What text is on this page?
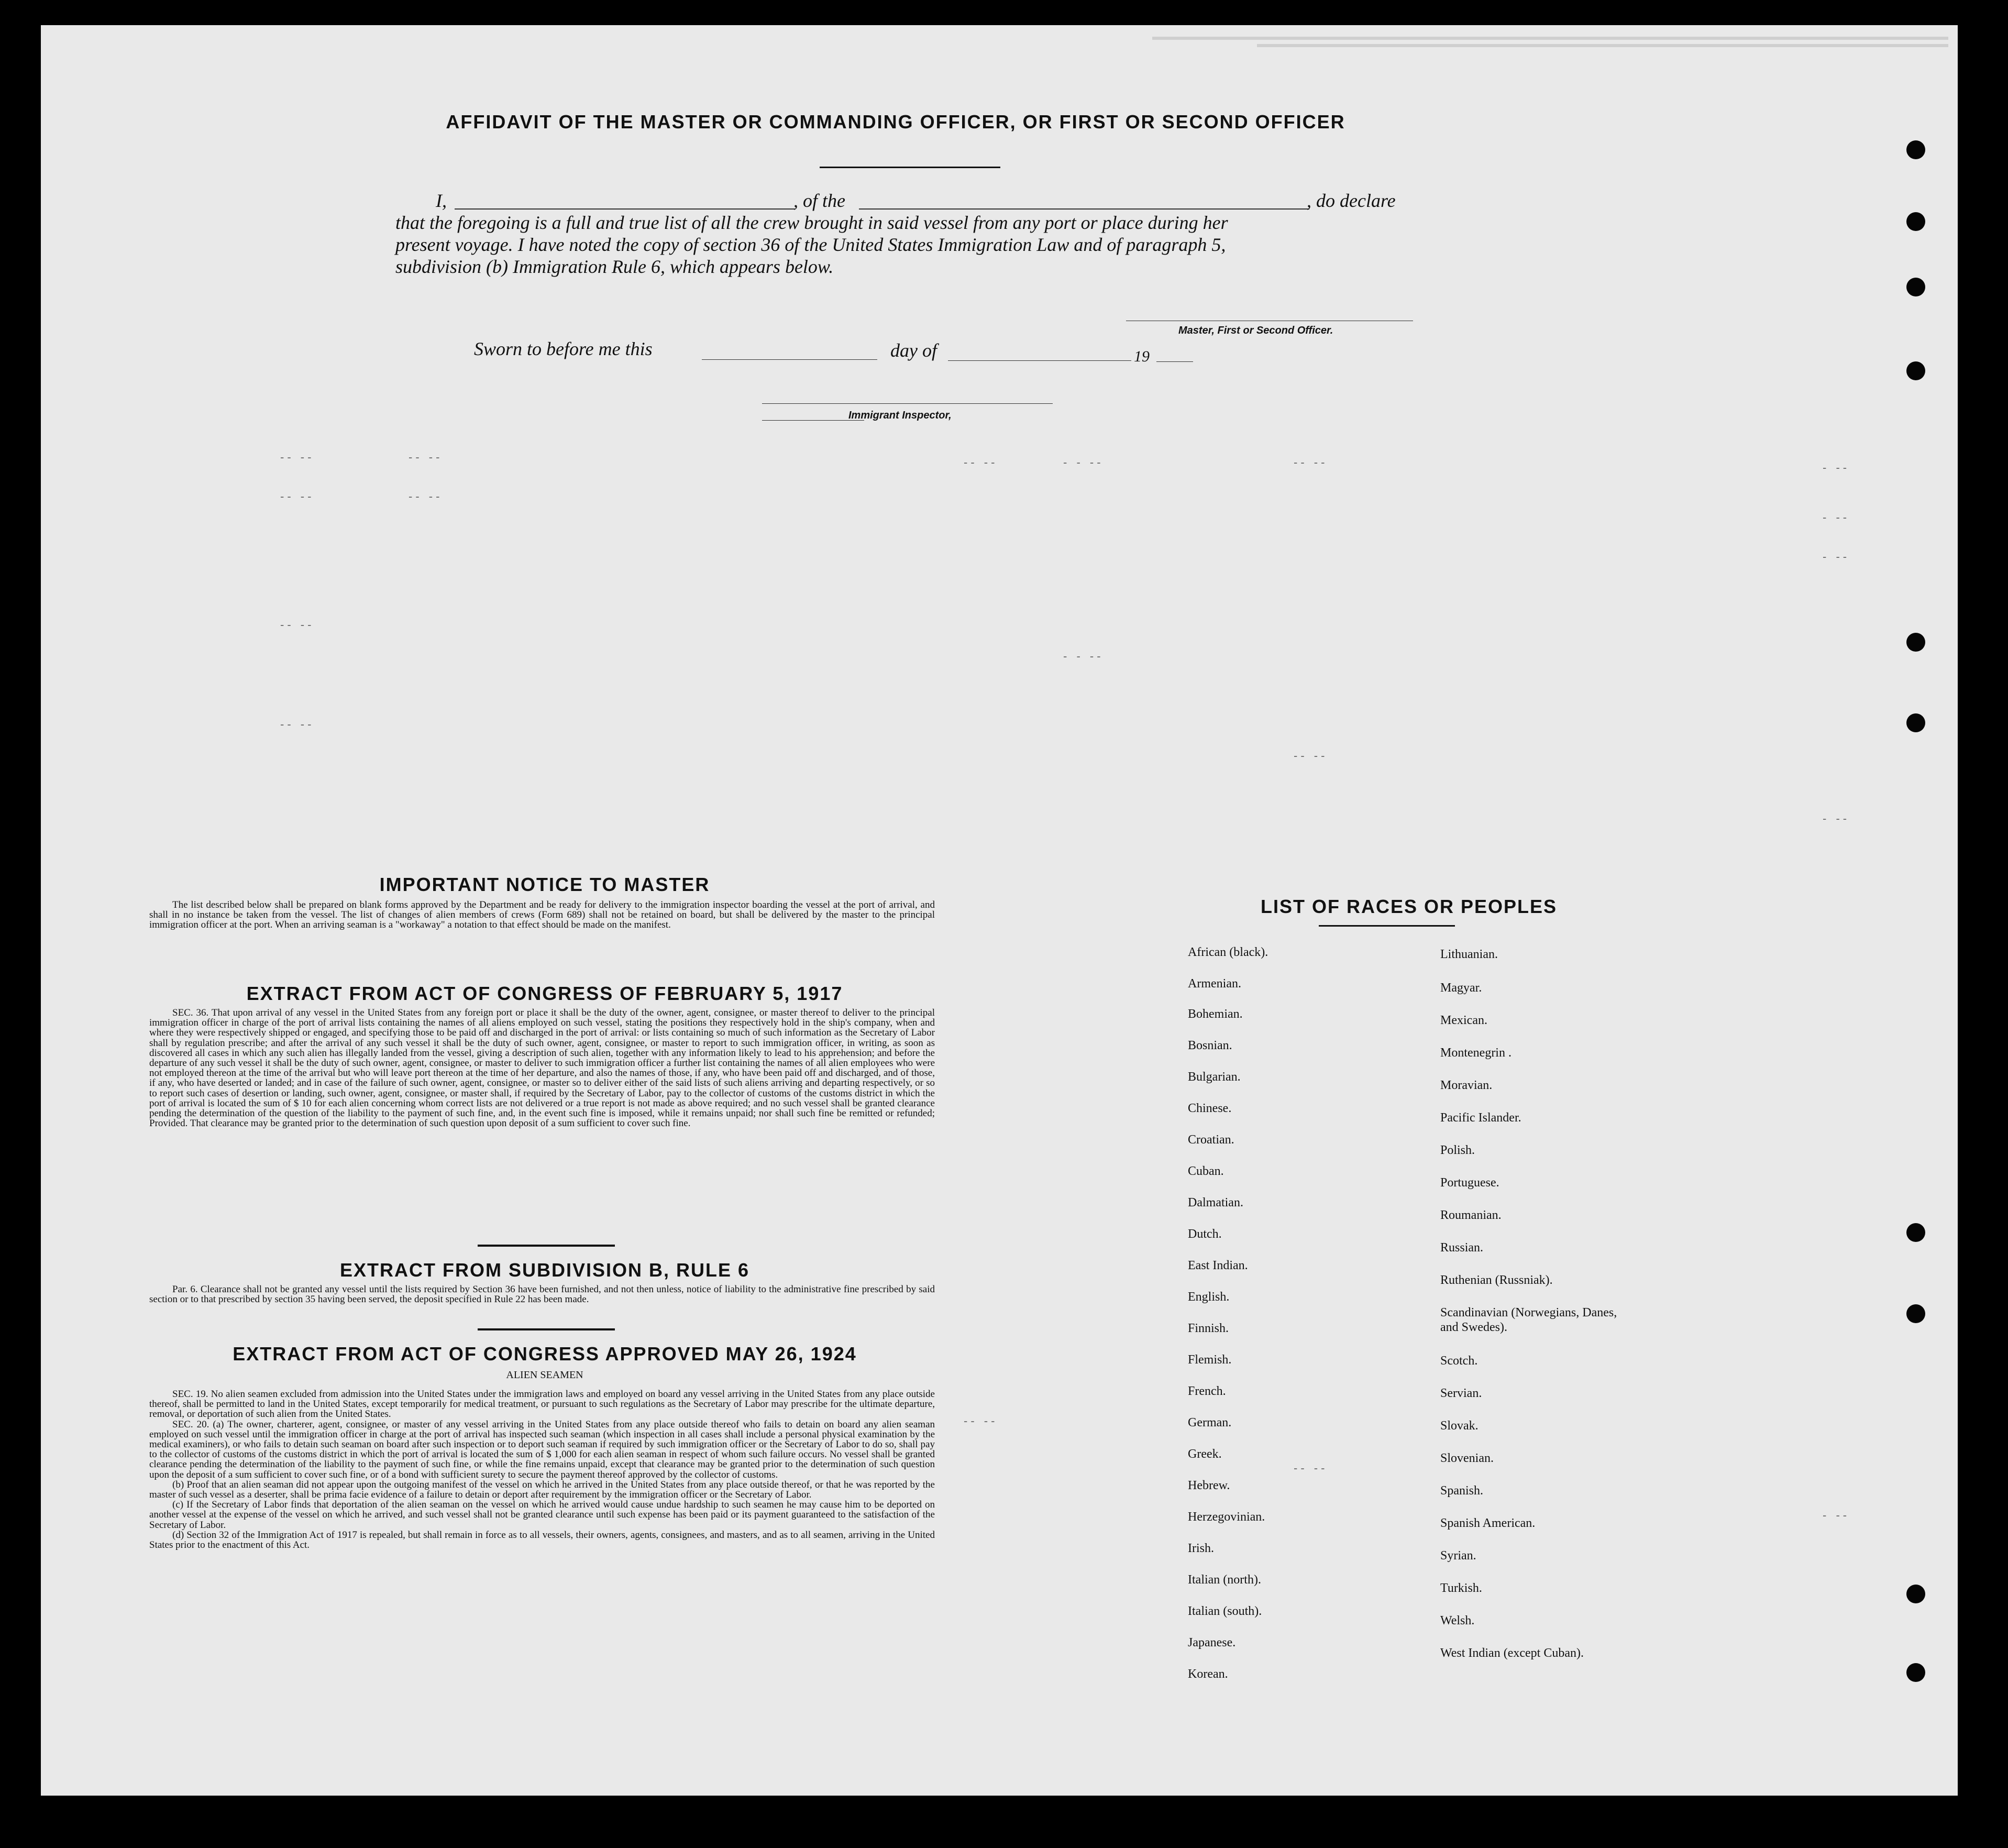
AFFIDAVIT OF THE MASTER OR COMMANDING OFFICER, OR FIRST OR SECOND OFFICER
I,	, of the	, do declare
that the foregoing is a full and true list of all the crew brought in said vessel from any port or place during her
present voyage. I have noted the copy of section 36 of the United States Immigration Law and of paragraph 5,
subdivision (b) Immigration Rule 6, which appears below.
Master, First or Second Officer.
Sworn to before me this	day of	19
Immigrant Inspector,
-- --	-- --	-- --	- - --	-- --	- --
-- --	-- --
- --
- --
-- --
- - --
-- --
-- --
- --
-- --
-- --
- --
IMPORTANT NOTICE TO MASTER

The list described below shall be prepared on blank forms approved by the Department and be ready for delivery to the immigration inspector boarding the vessel at the port of arrival, and shall in no instance be taken from the vessel. The list of changes of alien members of crews (Form 689) shall not be retained on board, but shall be delivered by the master to the principal immigration officer at the port. When an arriving seaman is a "workaway" a notation to that effect should be made on the manifest.

EXTRACT FROM ACT OF CONGRESS OF FEBRUARY 5, 1917

SEC. 36. That upon arrival of any vessel in the United States from any foreign port or place it shall be the duty of the owner, agent, consignee, or master thereof to deliver to the principal immigration officer in charge of the port of arrival lists containing the names of all aliens employed on such vessel, stating the positions they respectively hold in the ship's company, when and where they were respectively shipped or engaged, and specifying those to be paid off and discharged in the port of arrival: or lists containing so much of such information as the Secretary of Labor shall by regulation prescribe; and after the arrival of any such vessel it shall be the duty of such owner, agent, consignee, or master to report to such immigration officer, in writing, as soon as discovered all cases in which any such alien has illegally landed from the vessel, giving a description of such alien, together with any information likely to lead to his apprehension; and before the departure of any such vessel it shall be the duty of such owner, agent, consignee, or master to deliver to such immigration officer a further list containing the names of all alien employees who were not employed thereon at the time of the arrival but who will leave port thereon at the time of her departure, and also the names of those, if any, who have been paid off and discharged, and of those, if any, who have deserted or landed; and in case of the failure of such owner, agent, consignee, or master so to deliver either of the said lists of such aliens arriving and departing respectively, or so to report such cases of desertion or landing, such owner, agent, consignee, or master shall, if required by the Secretary of Labor, pay to the collector of customs of the customs district in which the port of arrival is located the sum of $ 10 for each alien concerning whom correct lists are not delivered or a true report is not made as above required; and no such vessel shall be granted clearance pending the determination of the question of the liability to the payment of such fine, and, in the event such fine is imposed, while it remains unpaid; nor shall such fine be remitted or refunded; Provided. That clearance may be granted prior to the determination of such question upon deposit of a sum sufficient to cover such fine.

EXTRACT FROM SUBDIVISION B, RULE 6

Par. 6. Clearance shall not be granted any vessel until the lists required by Section 36 have been furnished, and not then unless, notice of liability to the administrative fine prescribed by said section or to that prescribed by section 35 having been served, the deposit specified in Rule 22 has been made.

EXTRACT FROM ACT OF CONGRESS APPROVED MAY 26, 1924
ALIEN SEAMEN

SEC. 19. No alien seamen excluded from admission into the United States under the immigration laws and employed on board any vessel arriving in the United States from any place outside thereof, shall be permitted to land in the United States, except temporarily for medical treatment, or pursuant to such regulations as the Secretary of Labor may prescribe for the ultimate departure, removal, or deportation of such alien from the United States.

SEC. 20. (a) The owner, charterer, agent, consignee, or master of any vessel arriving in the United States from any place outside thereof who fails to detain on board any alien seaman employed on such vessel until the immigration officer in charge at the port of arrival has inspected such seaman (which inspection in all cases shall include a personal physical examination by the medical examiners), or who fails to detain such seaman on board after such inspection or to deport such seaman if required by such immigration officer or the Secretary of Labor to do so, shall pay to the collector of customs of the customs district in which the port of arrival is located the sum of $ 1,000 for each alien seaman in respect of whom such failure occurs. No vessel shall be granted clearance pending the determination of the liability to the payment of such fine, or while the fine remains unpaid, except that clearance may be granted prior to the determination of such question upon the deposit of a sum sufficient to cover such fine, or of a bond with sufficient surety to secure the payment thereof approved by the collector of customs.

(b) Proof that an alien seaman did not appear upon the outgoing manifest of the vessel on which he arrived in the United States from any place outside thereof, or that he was reported by the master of such vessel as a deserter, shall be prima facie evidence of a failure to detain or deport after requirement by the immigration officer or the Secretary of Labor.

(c) If the Secretary of Labor finds that deportation of the alien seaman on the vessel on which he arrived would cause undue hardship to such seamen he may cause him to be deported on another vessel at the expense of the vessel on which he arrived, and such vessel shall not be granted clearance until such expense has been paid or its payment guaranteed to the satisfaction of the Secretary of Labor.

(d) Section 32 of the Immigration Act of 1917 is repealed, but shall remain in force as to all vessels, their owners, agents, consignees, and masters, and as to all seamen, arriving in the United States prior to the enactment of this Act.

LIST OF RACES OR PEOPLES
African (black).
Armenian.
Bohemian.
Bosnian.
Bulgarian.
Chinese.
Croatian.
Cuban.
Dalmatian.
Dutch.
East Indian.
English.
Finnish.
Flemish.
French.
German.
Greek.
Hebrew.
Herzegovinian.
Irish.
Italian (north).
Italian (south).
Japanese.
Korean.
Lithuanian.
Magyar.
Mexican.
Montenegrin .
Moravian.
Pacific Islander.
Polish.
Portuguese.
Roumanian.
Russian.
Ruthenian (Russniak).
Scandinavian (Norwegians, Danes, and Swedes).
Scotch.
Servian.
Slovak.
Slovenian.
Spanish.
Spanish American.
Syrian.
Turkish.
Welsh.
West Indian (except Cuban).
